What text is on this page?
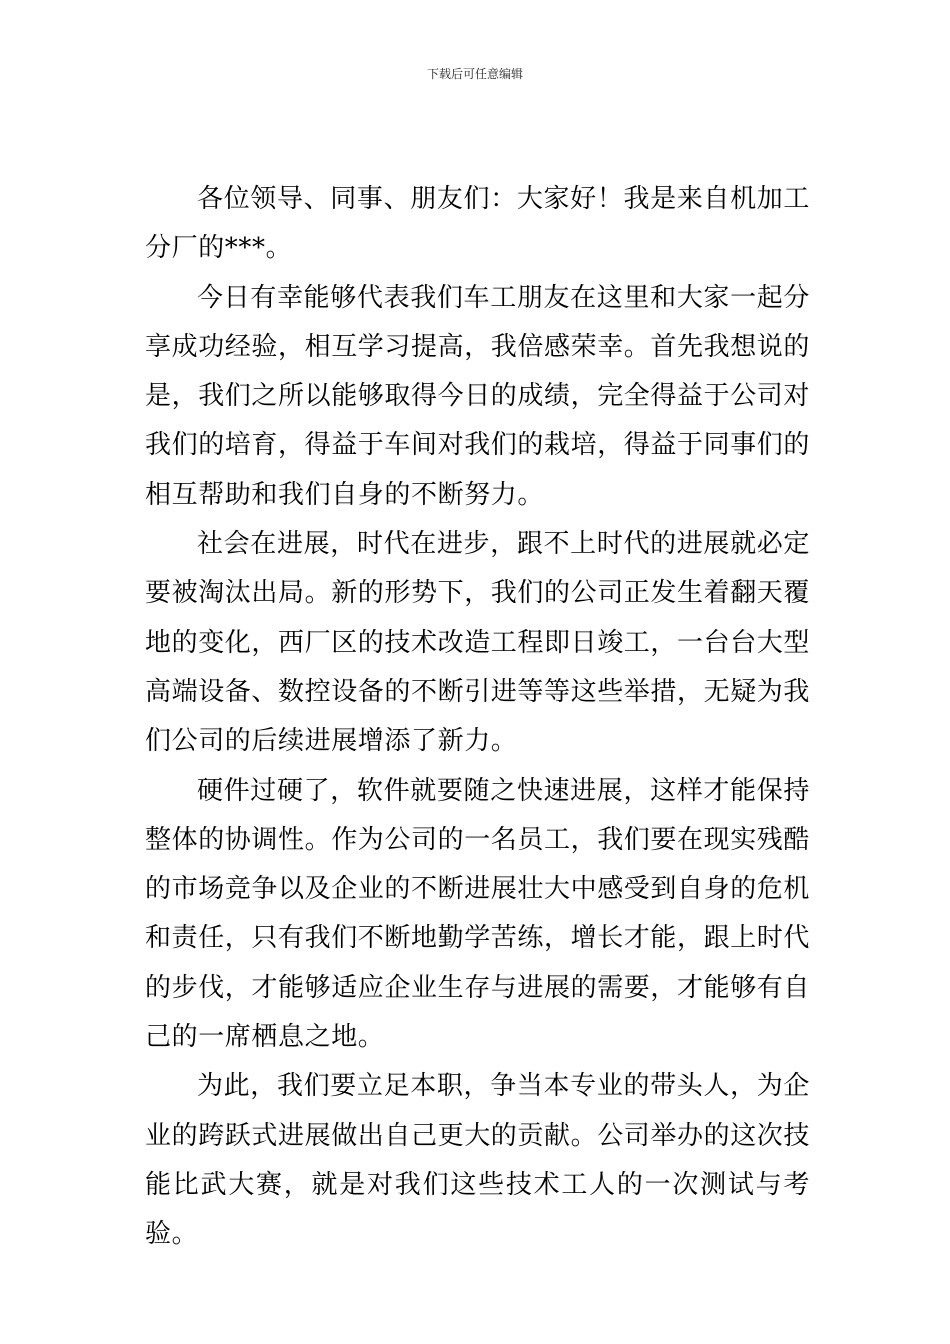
下载后可任意编辑

各位领导、同事、朋友们：大家好！我是来自机加工分厂的***。

今日有幸能够代表我们车工朋友在这里和大家一起分享成功经验，相互学习提高，我倍感荣幸。首先我想说的是，我们之所以能够取得今日的成绩，完全得益于公司对我们的培育，得益于车间对我们的栽培，得益于同事们的相互帮助和我们自身的不断努力。

社会在进展，时代在进步，跟不上时代的进展就必定要被淘汰出局。新的形势下，我们的公司正发生着翻天覆地的变化，西厂区的技术改造工程即日竣工，一台台大型高端设备、数控设备的不断引进等等这些举措，无疑为我们公司的后续进展增添了新力。

硬件过硬了，软件就要随之快速进展，这样才能保持整体的协调性。作为公司的一名员工，我们要在现实残酷的市场竞争以及企业的不断进展壮大中感受到自身的危机和责任，只有我们不断地勤学苦练，增长才能，跟上时代的步伐，才能够适应企业生存与进展的需要，才能够有自己的一席栖息之地。

为此，我们要立足本职，争当本专业的带头人，为企业的跨跃式进展做出自己更大的贡献。公司举办的这次技能比武大赛，就是对我们这些技术工人的一次测试与考验。
